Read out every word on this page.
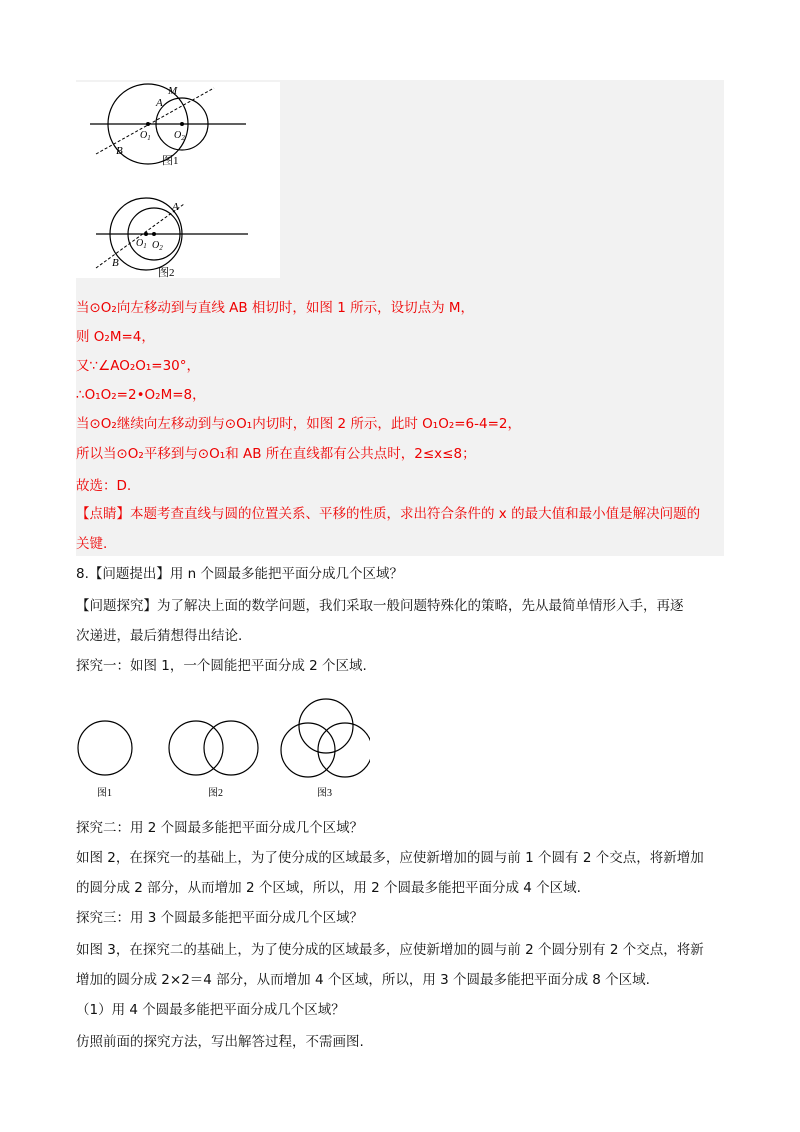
M
A
$O_1$ $O_2$
B
图1
A
$O_1$ $O_2$
B
图2
当⊙O₂向左移动到与直线 AB 相切时，如图 1 所示，设切点为 M，
则 O₂M=4，
又∵∠AO₂O₁=30°，
∴O₁O₂=2•O₂M=8，
当⊙O₂继续向左移动到与⊙O₁内切时，如图 2 所示，此时 O₁O₂=6-4=2，
所以当⊙O₂平移到与⊙O₁和 AB 所在直线都有公共点时，2≤x≤8；
故选：D.
【点睛】本题考查直线与圆的位置关系、平移的性质，求出符合条件的 x 的最大值和最小值是解决问题的
关键.
8.【问题提出】用 n 个圆最多能把平面分成几个区域？
【问题探究】为了解决上面的数学问题，我们采取一般问题特殊化的策略，先从最简单情形入手，再逐
次递进，最后猜想得出结论.
探究一：如图 1，一个圆能把平面分成 2 个区域.
图1	图2	图3
探究二：用 2 个圆最多能把平面分成几个区域？
如图 2，在探究一的基础上，为了使分成的区域最多，应使新增加的圆与前 1 个圆有 2 个交点，将新增加
的圆分成 2 部分，从而增加 2 个区域，所以，用 2 个圆最多能把平面分成 4 个区域.
探究三：用 3 个圆最多能把平面分成几个区域？
如图 3，在探究二的基础上，为了使分成的区域最多，应使新增加的圆与前 2 个圆分别有 2 个交点，将新
增加的圆分成 2×2＝4 部分，从而增加 4 个区域，所以，用 3 个圆最多能把平面分成 8 个区域.
（1）用 4 个圆最多能把平面分成几个区域？
仿照前面的探究方法，写出解答过程，不需画图.
